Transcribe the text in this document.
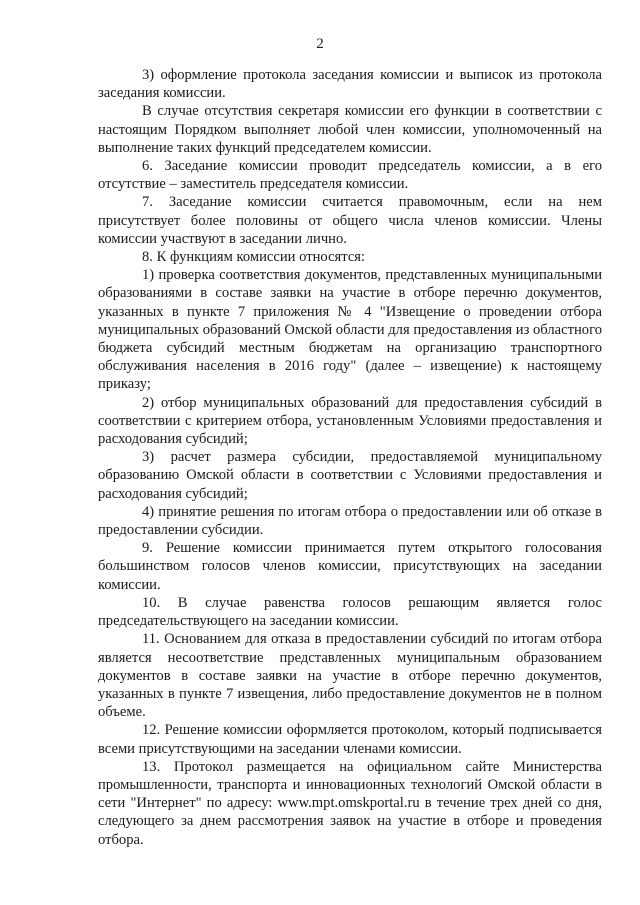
2

3) оформление протокола заседания комиссии и выписок из протокола заседания комиссии.

В случае отсутствия секретаря комиссии его функции в соответствии с настоящим Порядком выполняет любой член комиссии, уполномоченный на выполнение таких функций председателем комиссии.

6. Заседание комиссии проводит председатель комиссии, а в его отсутствие – заместитель председателя комиссии.

7. Заседание комиссии считается правомочным, если на нем присутствует более половины от общего числа членов комиссии. Члены комиссии участвуют в заседании лично.

8. К функциям комиссии относятся:

1) проверка соответствия документов, представленных муниципальными образованиями в составе заявки на участие в отборе перечню документов, указанных в пункте 7 приложения № 4 "Извещение о проведении отбора муниципальных образований Омской области для предоставления из областного бюджета субсидий местным бюджетам на организацию транспортного обслуживания населения в 2016 году" (далее – извещение) к настоящему приказу;

2) отбор муниципальных образований для предоставления субсидий в соответствии с критерием отбора, установленным Условиями предоставления и расходования субсидий;

3) расчет размера субсидии, предоставляемой муниципальному образованию Омской области в соответствии с Условиями предоставления и расходования субсидий;

4) принятие решения по итогам отбора о предоставлении или об отказе в предоставлении субсидии.

9. Решение комиссии принимается путем открытого голосования большинством голосов членов комиссии, присутствующих на заседании комиссии.

10. В случае равенства голосов решающим является голос председательствующего на заседании комиссии.

11. Основанием для отказа в предоставлении субсидий по итогам отбора является несоответствие представленных муниципальным образованием документов в составе заявки на участие в отборе перечню документов, указанных в пункте 7 извещения, либо предоставление документов не в полном объеме.

12. Решение комиссии оформляется протоколом, который подписывается всеми присутствующими на заседании членами комиссии.

13. Протокол размещается на официальном сайте Министерства промышленности, транспорта и инновационных технологий Омской области в сети "Интернет" по адресу: www.mpt.omskportal.ru в течение трех дней со дня, следующего за днем рассмотрения заявок на участие в отборе и проведения отбора.
